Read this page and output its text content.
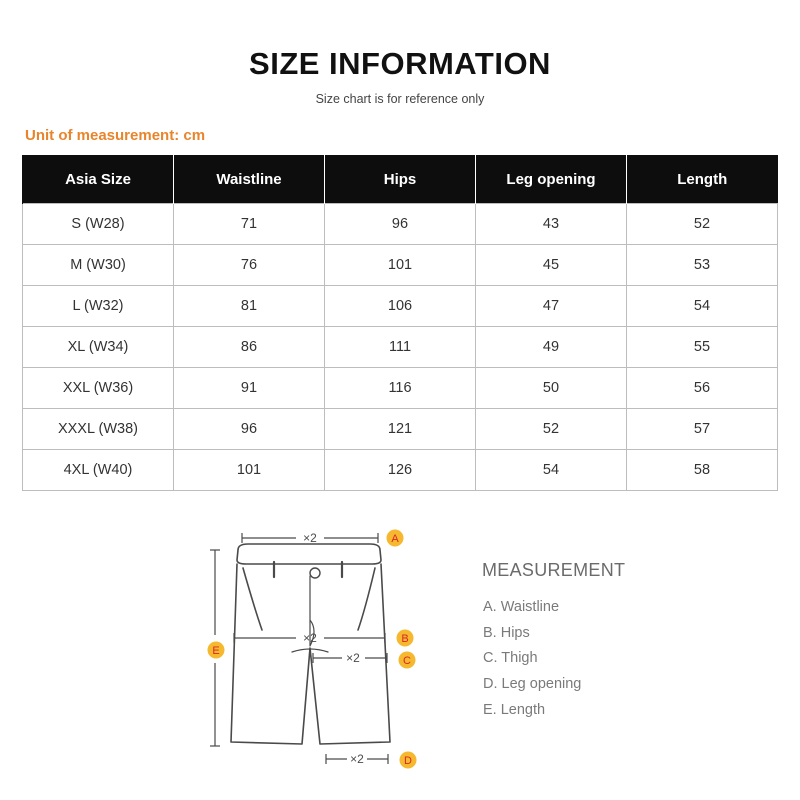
SIZE INFORMATION
Size chart is for reference only
Unit of measurement: cm
Asia Size	Waistline	Hips	Leg opening	Length
S (W28)	71	96	43	52
M (W30)	76	101	45	53
L (W32)	81	106	47	54
XL (W34)	86	111	49	55
XXL (W36)	91	116	50	56
XXXL (W38)	96	121	52	57
4XL (W40)	101	126	54	58
×2
×2
×2
×2
A
B
C
D
E
MEASUREMENT
A. Waistline
B. Hips
C. Thigh
D. Leg opening
E. Length
